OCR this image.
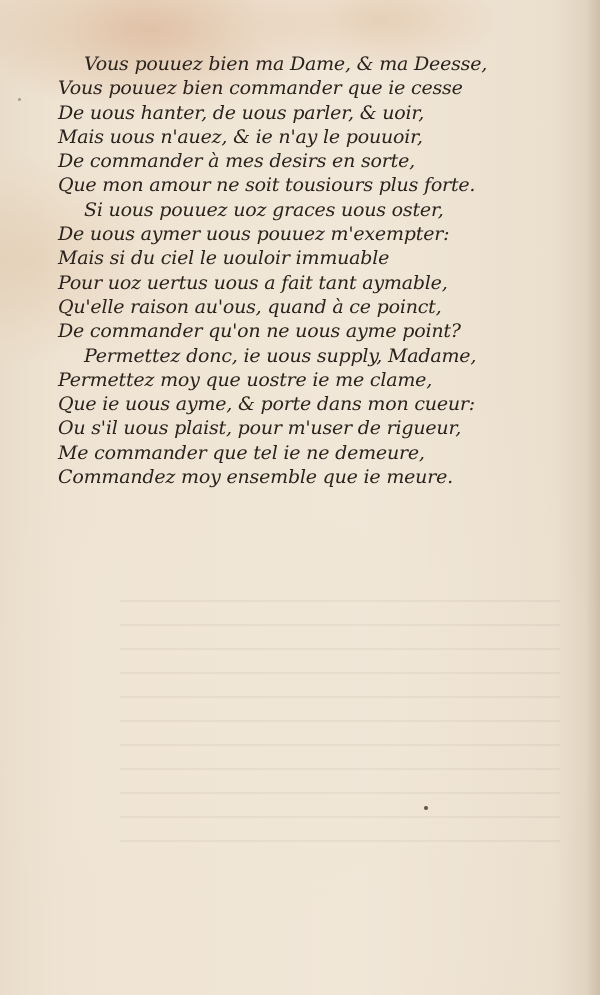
Vous pouuez bien ma Dame, & ma Deesse,
Vous pouuez bien commander que ie cesse
De uous hanter, de uous parler, & uoir,
Mais uous n'auez, & ie n'ay le pouuoir,
De commander à mes desirs en sorte,
Que mon amour ne soit tousiours plus forte.
Si uous pouuez uoz graces uous oster,
De uous aymer uous pouuez m'exempter:
Mais si du ciel le uouloir immuable
Pour uoz uertus uous a fait tant aymable,
Qu'elle raison au'ous, quand à ce poinct,
De commander qu'on ne uous ayme point?
Permettez donc, ie uous supply, Madame,
Permettez moy que uostre ie me clame,
Que ie uous ayme, & porte dans mon cueur:
Ou s'il uous plaist, pour m'user de rigueur,
Me commander que tel ie ne demeure,
Commandez moy ensemble que ie meure.
